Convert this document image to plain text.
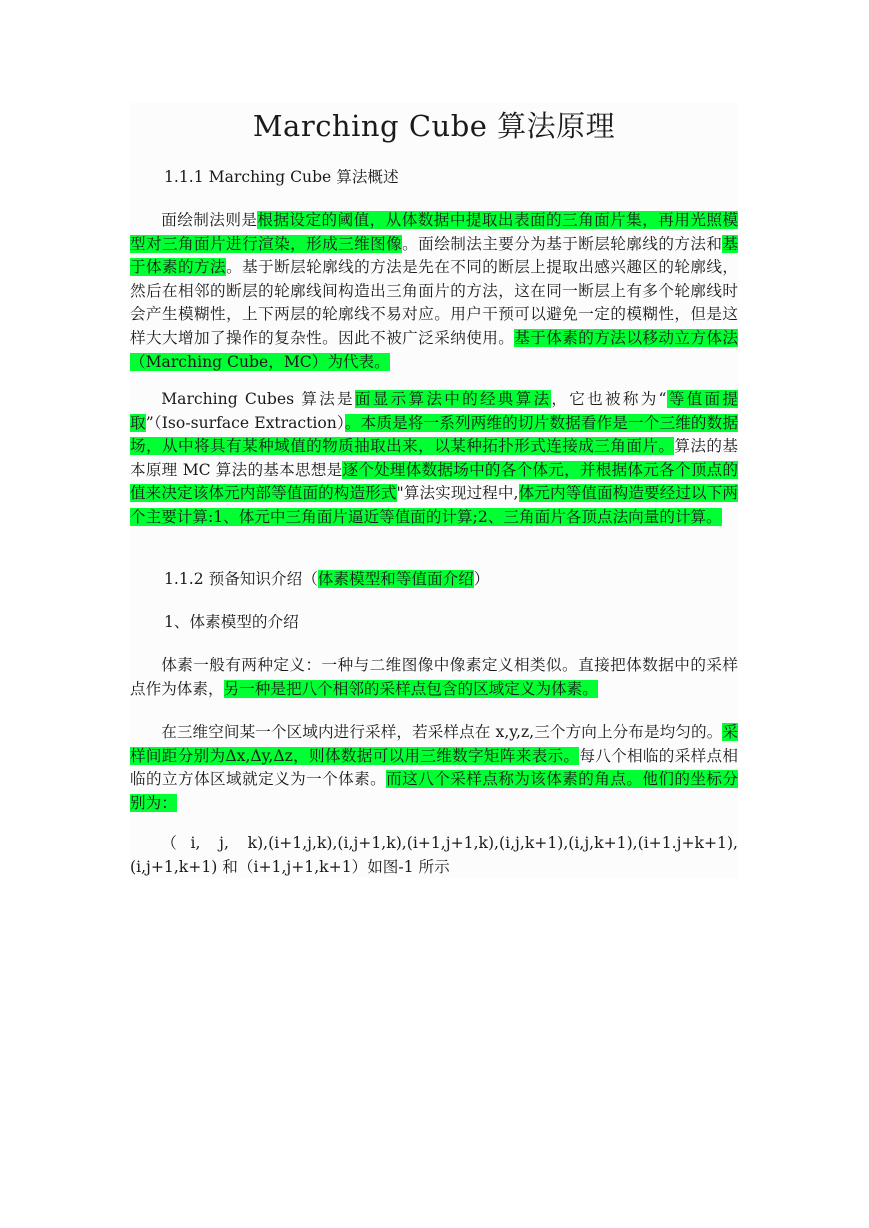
Marching Cube 算法原理
1.1.1 Marching Cube 算法概述
面绘制法则是根据设定的阈值，从体数据中提取出表面的三角面片集，再用光照模型对三角面片进行渲染，形成三维图像。面绘制法主要分为基于断层轮廓线的方法和基于体素的方法。基于断层轮廓线的方法是先在不同的断层上提取出感兴趣区的轮廓线，然后在相邻的断层的轮廓线间构造出三角面片的方法，这在同一断层上有多个轮廓线时会产生模糊性，上下两层的轮廓线不易对应。用户干预可以避免一定的模糊性，但是这样大大增加了操作的复杂性。因此不被广泛采纳使用。基于体素的方法以移动立方体法（Marching Cube，MC）为代表。
Marching Cubes 算法是面显示算法中的经典算法，它也被称为“等值面提取”（Iso-surface Extraction）。本质是将一系列两维的切片数据看作是一个三维的数据场，从中将具有某种域值的物质抽取出来，以某种拓扑形式连接成三角面片。算法的基本原理 MC 算法的基本思想是逐个处理体数据场中的各个体元，并根据体元各个顶点的值来决定该体元内部等值面的构造形式"算法实现过程中,体元内等值面构造要经过以下两个主要计算:1、体元中三角面片逼近等值面的计算;2、三角面片各顶点法向量的计算。
1.1.2 预备知识介绍（体素模型和等值面介绍）
1、体素模型的介绍
体素一般有两种定义：一种与二维图像中像素定义相类似。直接把体数据中的采样点作为体素，另一种是把八个相邻的采样点包含的区域定义为体素。
在三维空间某一个区域内进行采样，若采样点在 x,y,z,三个方向上分布是均匀的。采样间距分别为Δx,Δy,Δz，则体数据可以用三维数字矩阵来表示。每八个相临的采样点相临的立方体区域就定义为一个体素。而这八个采样点称为该体素的角点。他们的坐标分别为：
（i, j, k),(i+1,j,k),(i,j+1,k),(i+1,j+1,k),(i,j,k+1),(i,j,k+1),(i+1.j+k+1), (i,j+1,k+1) 和（i+1,j+1,k+1）如图-1 所示
